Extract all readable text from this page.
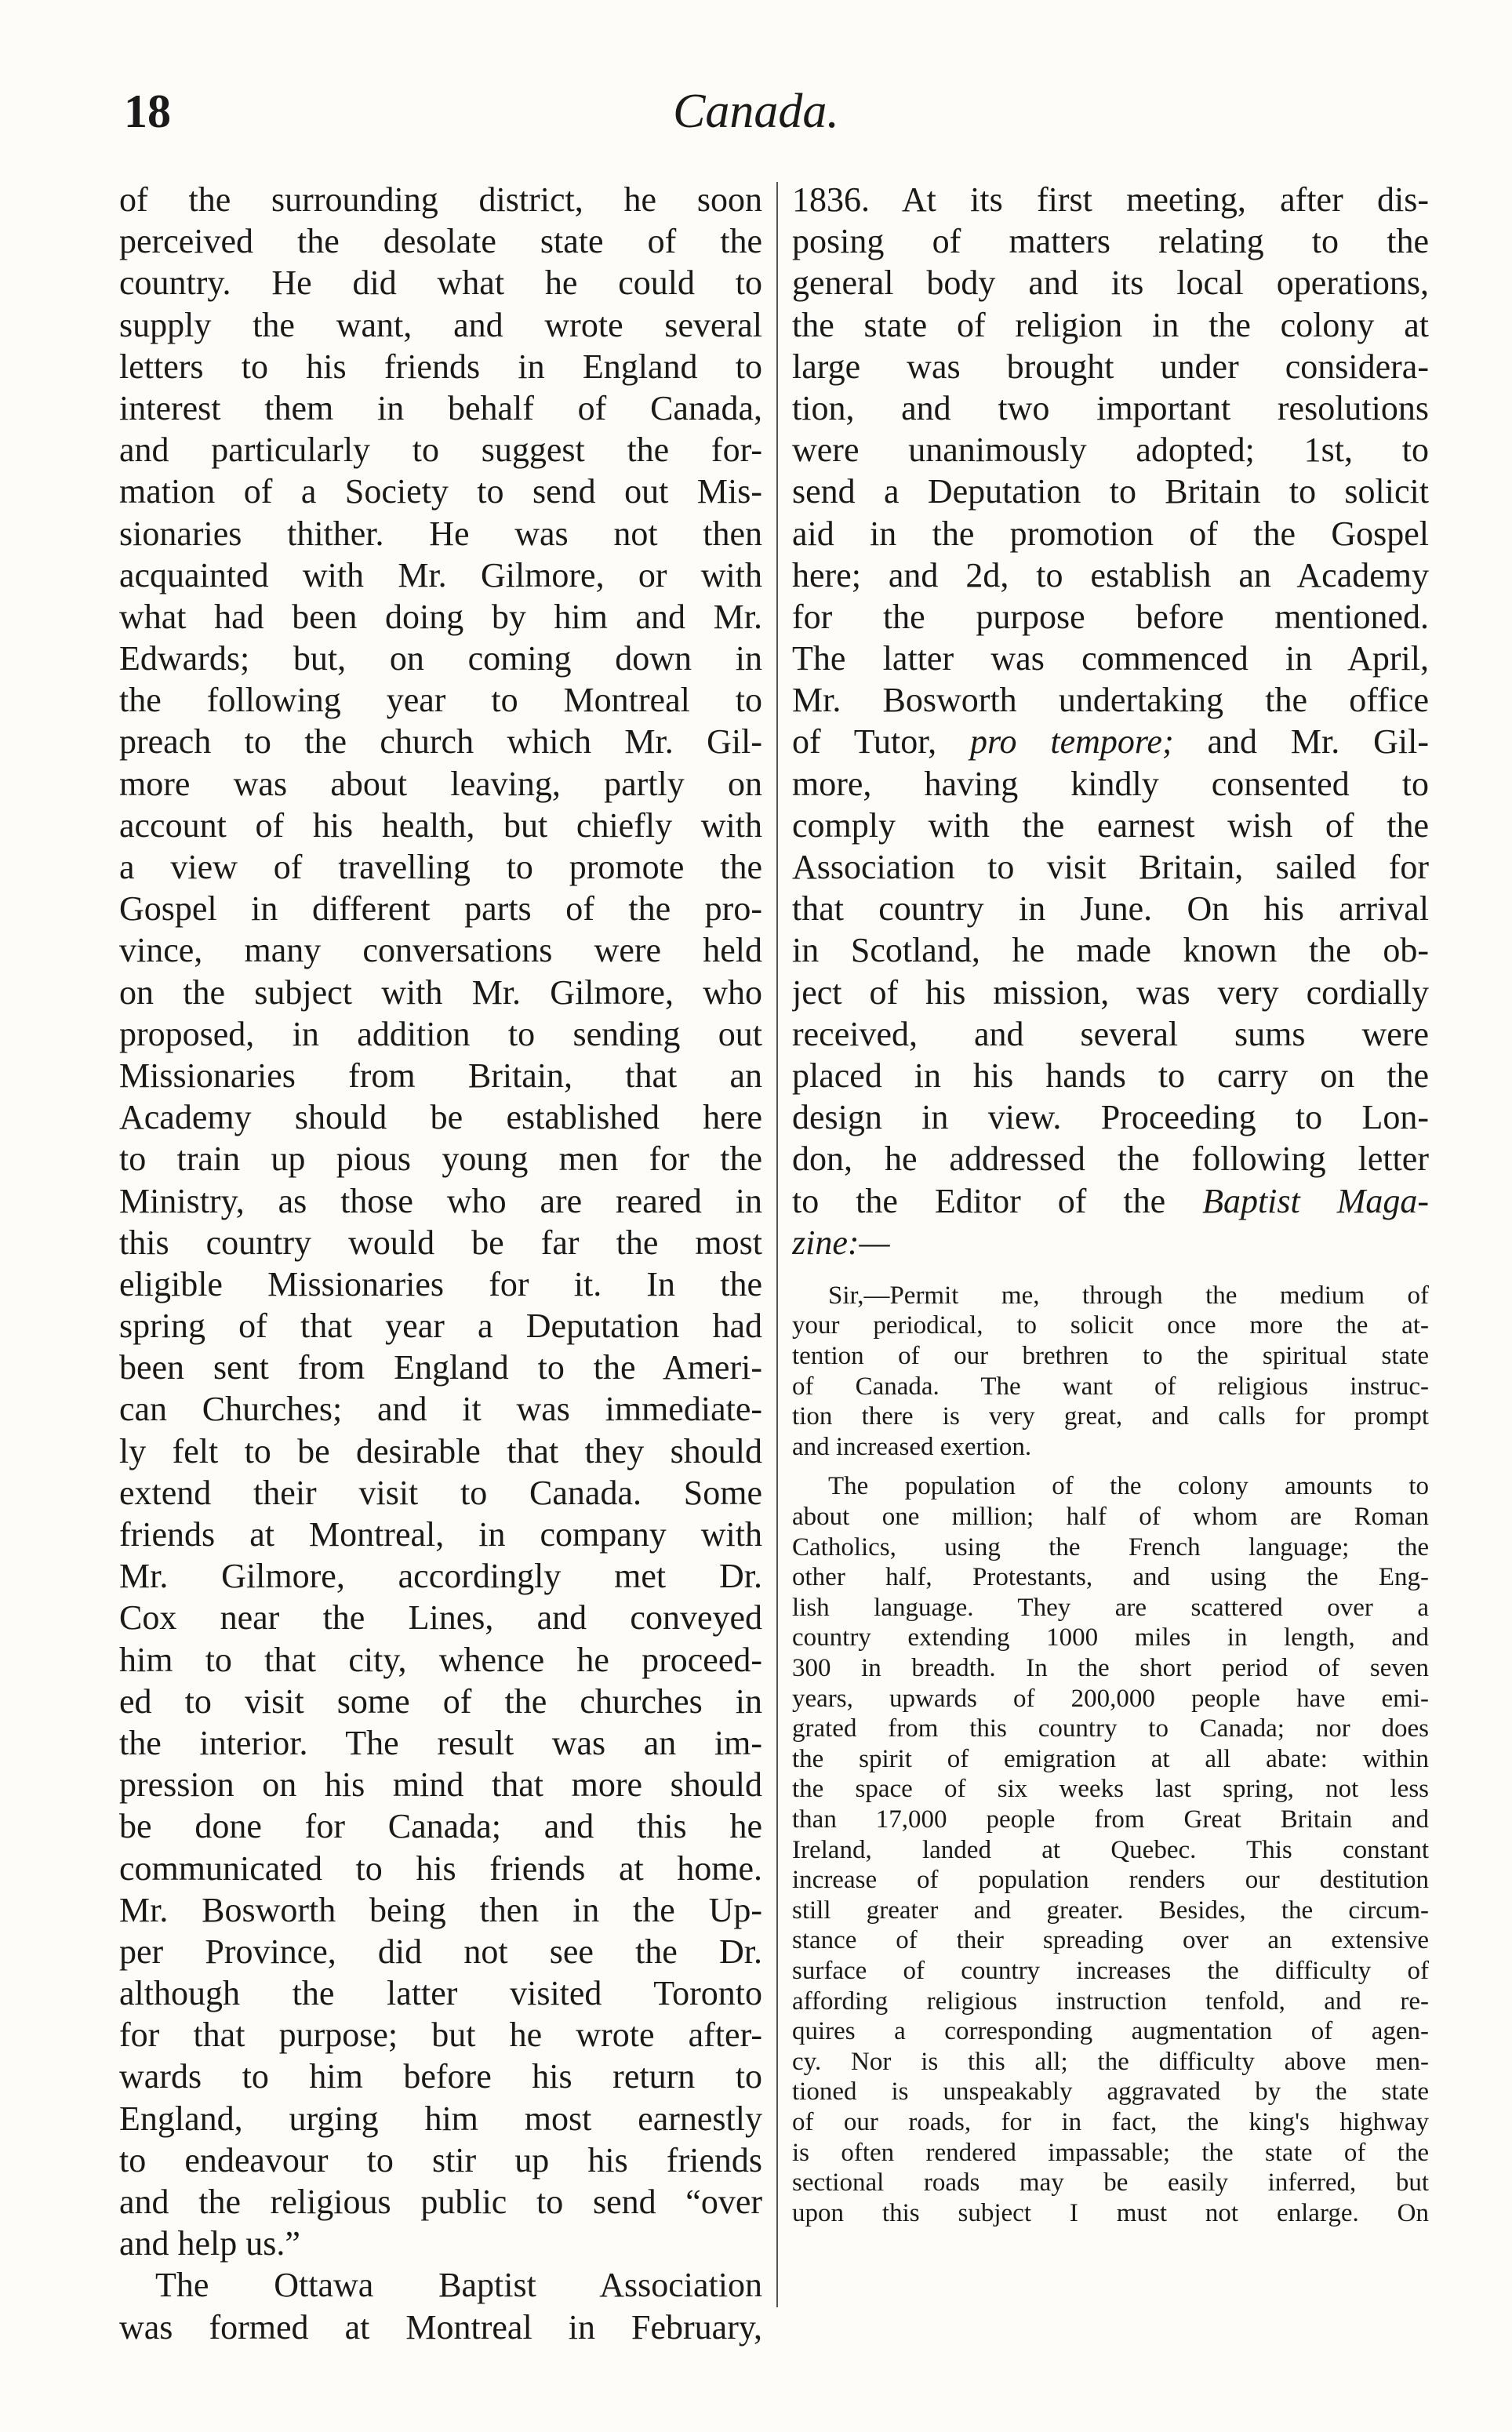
18	Canada.
of the surrounding district, he soon
perceived the desolate state of the
country. He did what he could to
supply the want, and wrote several
letters to his friends in England to
interest them in behalf of Canada,
and particularly to suggest the for-
mation of a Society to send out Mis-
sionaries thither. He was not then
acquainted with Mr. Gilmore, or with
what had been doing by him and Mr.
Edwards; but, on coming down in
the following year to Montreal to
preach to the church which Mr. Gil-
more was about leaving, partly on
account of his health, but chiefly with
a view of travelling to promote the
Gospel in different parts of the pro-
vince, many conversations were held
on the subject with Mr. Gilmore, who
proposed, in addition to sending out
Missionaries from Britain, that an
Academy should be established here
to train up pious young men for the
Ministry, as those who are reared in
this country would be far the most
eligible Missionaries for it. In the
spring of that year a Deputation had
been sent from England to the Ameri-
can Churches; and it was immediate-
ly felt to be desirable that they should
extend their visit to Canada. Some
friends at Montreal, in company with
Mr. Gilmore, accordingly met Dr.
Cox near the Lines, and conveyed
him to that city, whence he proceed-
ed to visit some of the churches in
the interior. The result was an im-
pression on his mind that more should
be done for Canada; and this he
communicated to his friends at home.
Mr. Bosworth being then in the Up-
per Province, did not see the Dr.
although the latter visited Toronto
for that purpose; but he wrote after-
wards to him before his return to
England, urging him most earnestly
to endeavour to stir up his friends
and the religious public to send “over
and help us.”
The Ottawa Baptist Association
was formed at Montreal in February,
1836. At its first meeting, after dis-
posing of matters relating to the
general body and its local operations,
the state of religion in the colony at
large was brought under considera-
tion, and two important resolutions
were unanimously adopted; 1st, to
send a Deputation to Britain to solicit
aid in the promotion of the Gospel
here; and 2d, to establish an Academy
for the purpose before mentioned.
The latter was commenced in April,
Mr. Bosworth undertaking the office
of Tutor, pro tempore; and Mr. Gil-
more, having kindly consented to
comply with the earnest wish of the
Association to visit Britain, sailed for
that country in June. On his arrival
in Scotland, he made known the ob-
ject of his mission, was very cordially
received, and several sums were
placed in his hands to carry on the
design in view. Proceeding to Lon-
don, he addressed the following letter
to the Editor of the Baptist Maga-
zine:—
Sir,—Permit me, through the medium of
your periodical, to solicit once more the at-
tention of our brethren to the spiritual state
of Canada. The want of religious instruc-
tion there is very great, and calls for prompt
and increased exertion.
The population of the colony amounts to
about one million; half of whom are Roman
Catholics, using the French language; the
other half, Protestants, and using the Eng-
lish language. They are scattered over a
country extending 1000 miles in length, and
300 in breadth. In the short period of seven
years, upwards of 200,000 people have emi-
grated from this country to Canada; nor does
the spirit of emigration at all abate: within
the space of six weeks last spring, not less
than 17,000 people from Great Britain and
Ireland, landed at Quebec. This constant
increase of population renders our destitution
still greater and greater. Besides, the circum-
stance of their spreading over an extensive
surface of country increases the difficulty of
affording religious instruction tenfold, and re-
quires a corresponding augmentation of agen-
cy. Nor is this all; the difficulty above men-
tioned is unspeakably aggravated by the state
of our roads, for in fact, the king's highway
is often rendered impassable; the state of the
sectional roads may be easily inferred, but
upon this subject I must not enlarge. On
